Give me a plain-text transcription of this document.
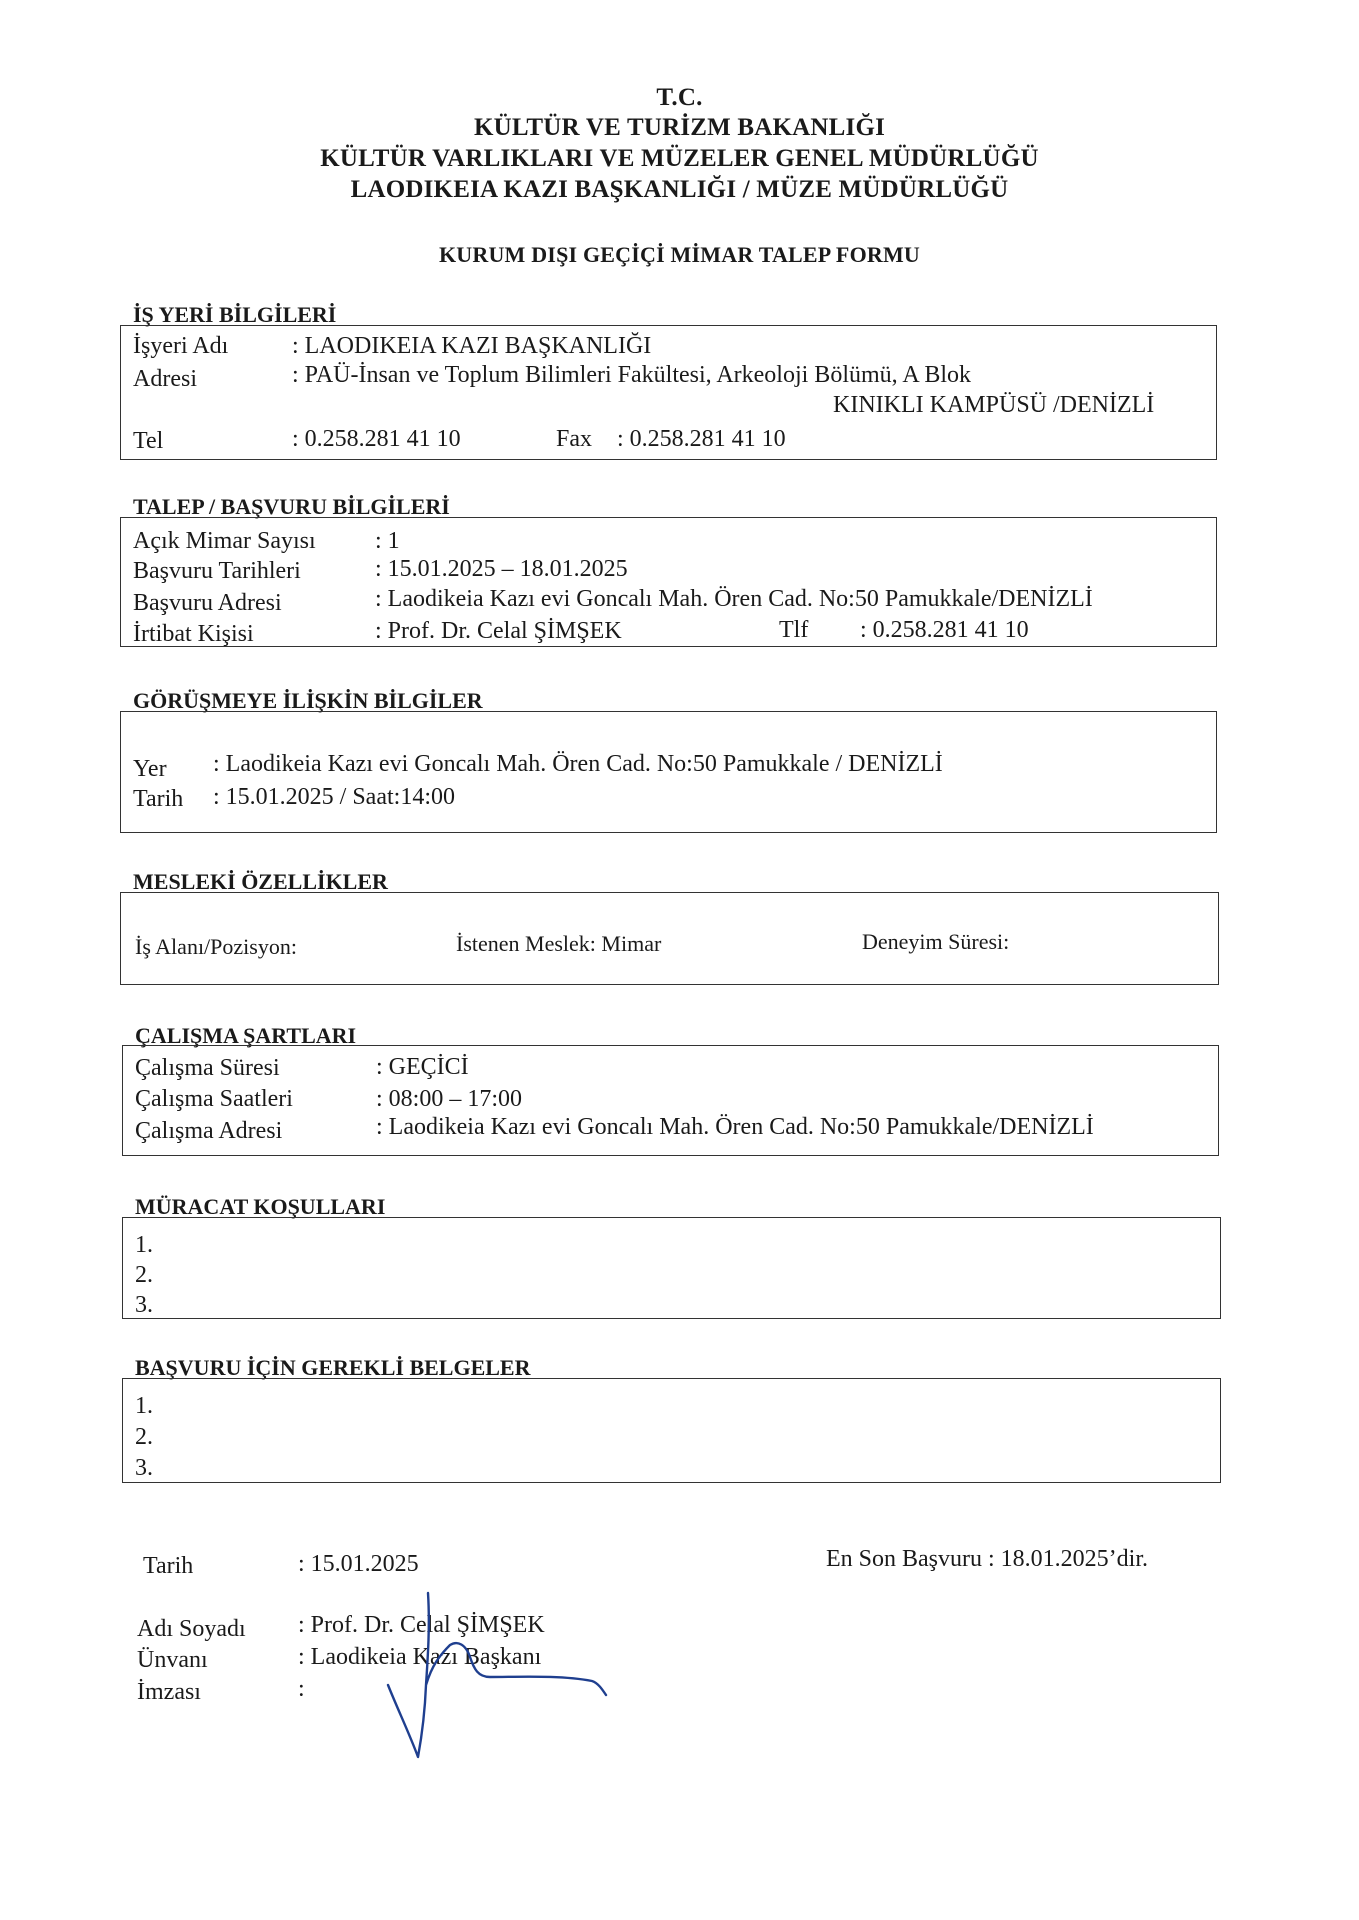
T.C.
KÜLTÜR VE TURİZM BAKANLIĞI
KÜLTÜR VARLIKLARI VE MÜZELER GENEL MÜDÜRLÜĞÜ
LAODIKEIA KAZI BAŞKANLIĞI / MÜZE MÜDÜRLÜĞÜ
KURUM DIŞI GEÇİÇİ MİMAR TALEP FORMU
İŞ YERİ BİLGİLERİ
İşyeri Adı	: LAODIKEIA KAZI BAŞKANLIĞI
Adresi	: PAÜ-İnsan ve Toplum Bilimleri Fakültesi, Arkeoloji Bölümü, A Blok
KINIKLI KAMPÜSÜ /DENİZLİ
Tel	: 0.258.281 41 10	Fax : 0.258.281 41 10
TALEP / BAŞVURU BİLGİLERİ
Açık Mimar Sayısı : 1
Başvuru Tarihleri	: 15.01.2025 – 18.01.2025
Başvuru Adresi	: Laodikeia Kazı evi Goncalı Mah. Ören Cad. No:50 Pamukkale/DENİZLİ
İrtibat Kişisi	: Prof. Dr. Celal ŞİMŞEK	Tlf : 0.258.281 41 10
GÖRÜŞMEYE İLİŞKİN BİLGİLER
Yer : Laodikeia Kazı evi Goncalı Mah. Ören Cad. No:50 Pamukkale / DENİZLİ
Tarih : 15.01.2025 / Saat:14:00
MESLEKİ ÖZELLİKLER
İş Alanı/Pozisyon:	İstenen Meslek: Mimar	Deneyim Süresi:
ÇALIŞMA ŞARTLARI
Çalışma Süresi	: GEÇİCİ
Çalışma Saatleri	: 08:00 – 17:00
Çalışma Adresi	: Laodikeia Kazı evi Goncalı Mah. Ören Cad. No:50 Pamukkale/DENİZLİ
MÜRACAT KOŞULLARI
1.
2.
3.
BAŞVURU İÇİN GEREKLİ BELGELER
1.
2.
3.
Tarih	: 15.01.2025	En Son Başvuru : 18.01.2025’dir.
Adı Soyadı : Prof. Dr. Celal ŞİMŞEK
Ünvanı	: Laodikeia Kazı Başkanı
İmzası	:
